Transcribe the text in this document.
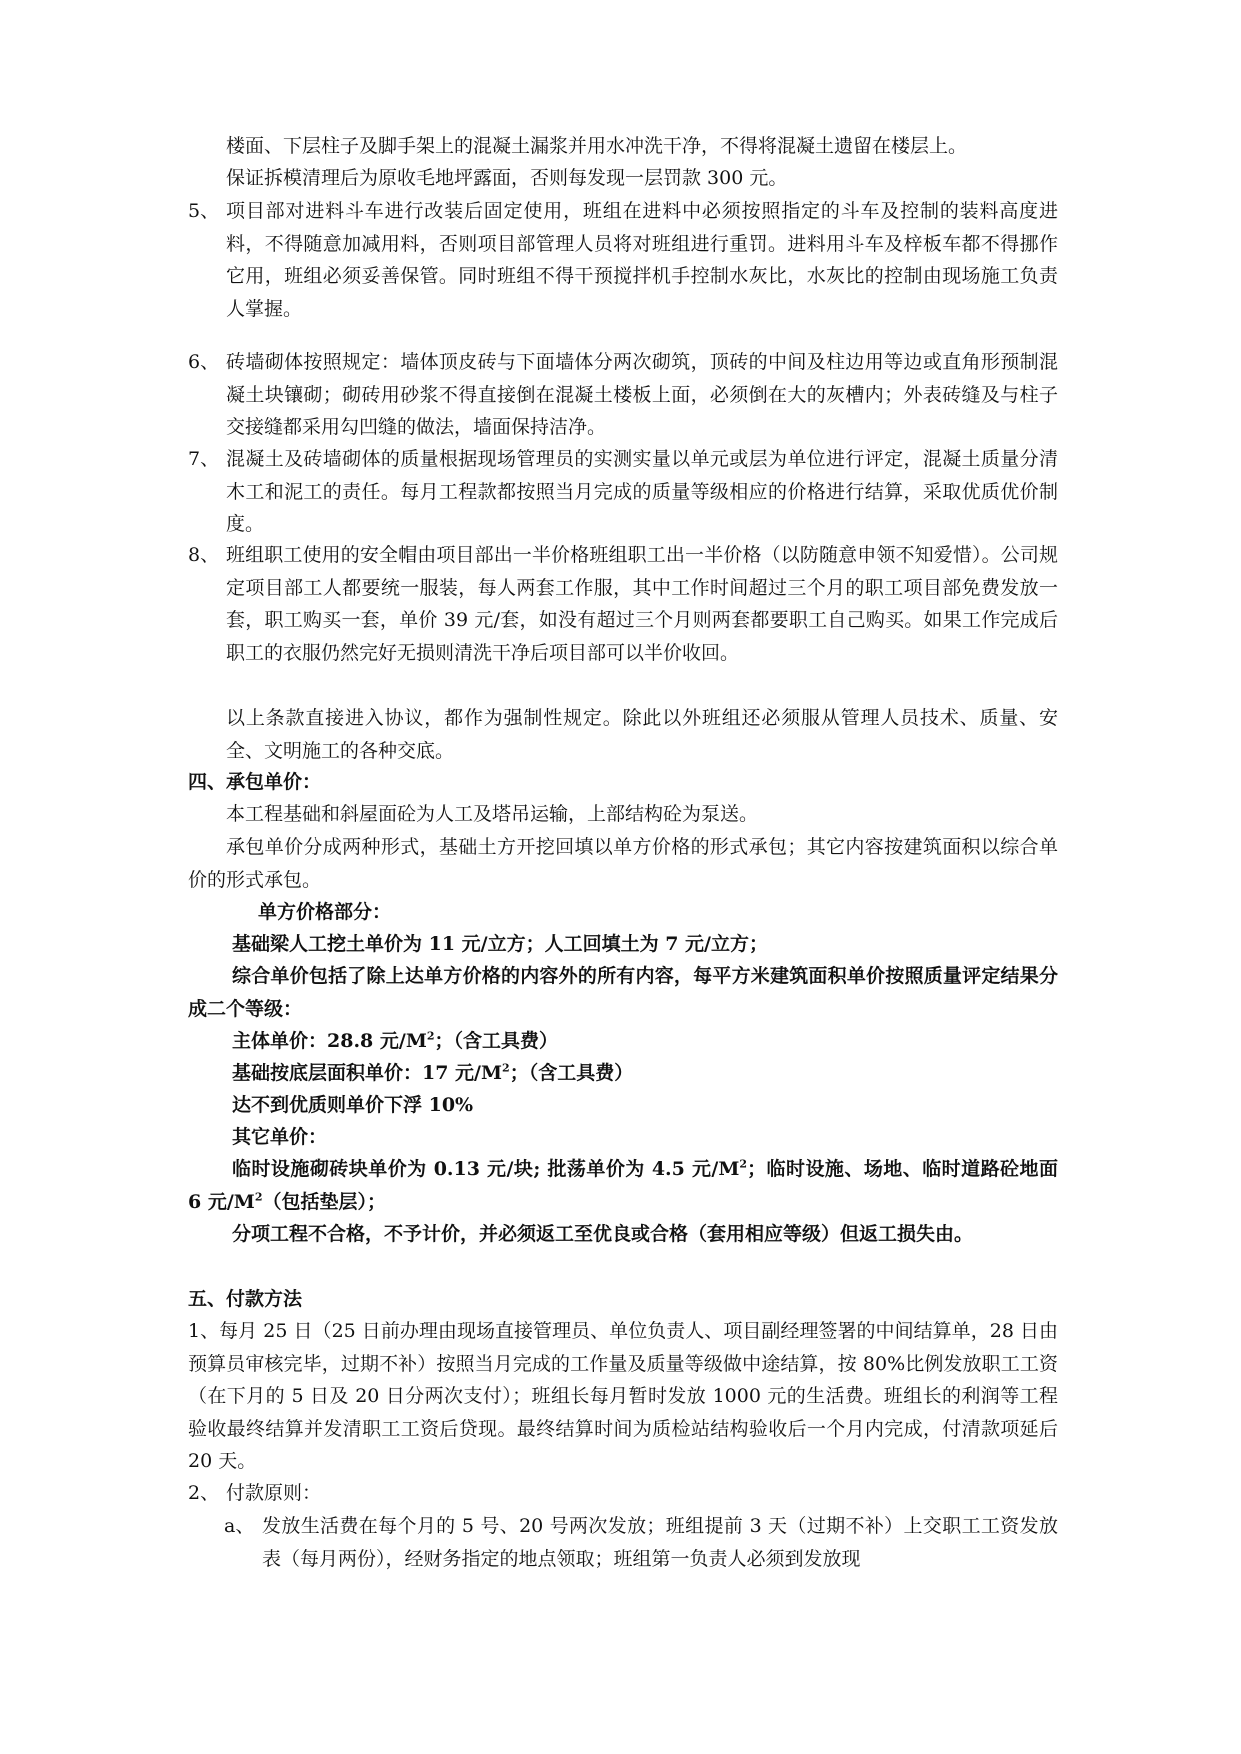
楼面、下层柱子及脚手架上的混凝土漏浆并用水冲洗干净，不得将混凝土遗留在楼层上。

保证拆模清理后为原收毛地坪露面，否则每发现一层罚款 300 元。

5、 项目部对进料斗车进行改装后固定使用，班组在进料中必须按照指定的斗车及控制的装料高度进料，不得随意加减用料，否则项目部管理人员将对班组进行重罚。进料用斗车及梓板车都不得挪作它用，班组必须妥善保管。同时班组不得干预搅拌机手控制水灰比，水灰比的控制由现场施工负责人掌握。
6、 砖墙砌体按照规定：墙体顶皮砖与下面墙体分两次砌筑，顶砖的中间及柱边用等边或直角形预制混凝土块镶砌；砌砖用砂浆不得直接倒在混凝土楼板上面，必须倒在大的灰槽内；外表砖缝及与柱子交接缝都采用勾凹缝的做法，墙面保持洁净。
7、 混凝土及砖墙砌体的质量根据现场管理员的实测实量以单元或层为单位进行评定，混凝土质量分清木工和泥工的责任。每月工程款都按照当月完成的质量等级相应的价格进行结算，采取优质优价制度。
8、 班组职工使用的安全帽由项目部出一半价格班组职工出一半价格（以防随意申领不知爱惜）。公司规定项目部工人都要统一服装，每人两套工作服，其中工作时间超过三个月的职工项目部免费发放一套，职工购买一套，单价 39 元/套，如没有超过三个月则两套都要职工自己购买。如果工作完成后职工的衣服仍然完好无损则清洗干净后项目部可以半价收回。

以上条款直接进入协议，都作为强制性规定。除此以外班组还必须服从管理人员技术、质量、安全、文明施工的各种交底。

四、承包单价：

本工程基础和斜屋面砼为人工及塔吊运输，上部结构砼为泵送。

承包单价分成两种形式，基础土方开挖回填以单方价格的形式承包；其它内容按建筑面积以综合单价的形式承包。

单方价格部分：

基础梁人工挖土单价为 11 元/立方；人工回填土为 7 元/立方；

综合单价包括了除上达单方价格的内容外的所有内容，每平方米建筑面积单价按照质量评定结果分成二个等级：

主体单价：28.8 元$/M^2$；（含工具费）

基础按底层面积单价：17 元$/M^2$；（含工具费）

达不到优质则单价下浮 10%

其它单价：

临时设施砌砖块单价为 0.13 元/块; 批荡单价为 4.5 元$/M^2$；临时设施、场地、临时道路砼地面 6 元$/M^2$（包括垫层）；

分项工程不合格，不予计价，并必须返工至优良或合格（套用相应等级）但返工损失由。

五、付款方法

1、每月 25 日（25 日前办理由现场直接管理员、单位负责人、项目副经理签署的中间结算单，28 日由预算员审核完毕，过期不补）按照当月完成的工作量及质量等级做中途结算，按 80%比例发放职工工资（在下月的 5 日及 20 日分两次支付）；班组长每月暂时发放 1000 元的生活费。班组长的利润等工程验收最终结算并发清职工工资后贷现。最终结算时间为质检站结构验收后一个月内完成，付清款项延后 20 天。

2、 付款原则：
a、 发放生活费在每个月的 5 号、20 号两次发放；班组提前 3 天（过期不补）上交职工工资发放表（每月两份），经财务指定的地点领取；班组第一负责人必须到发放现
